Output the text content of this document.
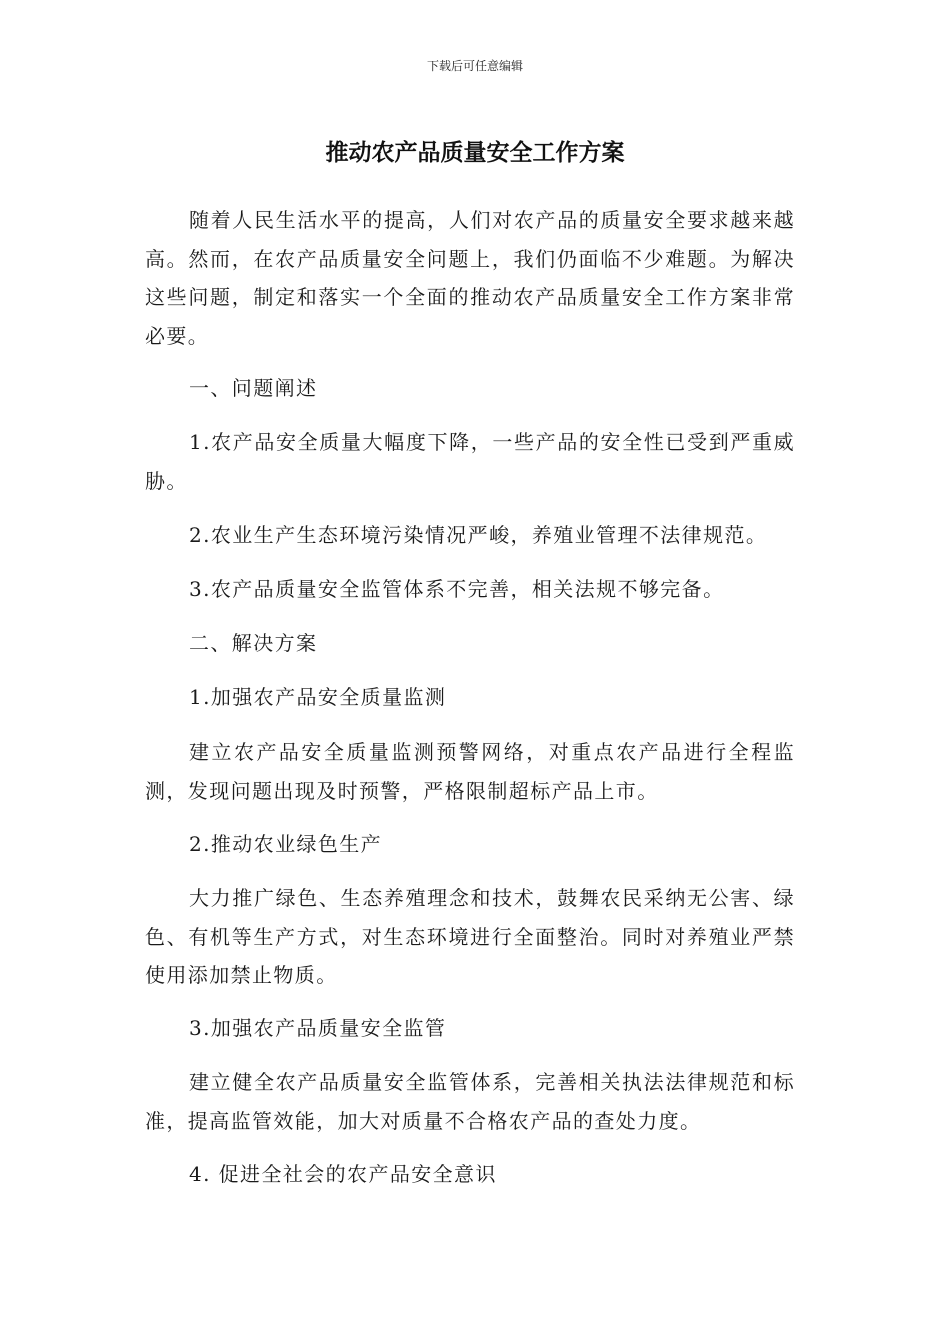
下载后可任意编辑
推动农产品质量安全工作方案

随着人民生活水平的提高，人们对农产品的质量安全要求越来越高。然而，在农产品质量安全问题上，我们仍面临不少难题。为解决这些问题，制定和落实一个全面的推动农产品质量安全工作方案非常必要。

一、问题阐述

1.农产品安全质量大幅度下降，一些产品的安全性已受到严重威胁。

2.农业生产生态环境污染情况严峻，养殖业管理不法律规范。

3.农产品质量安全监管体系不完善，相关法规不够完备。

二、解决方案

1.加强农产品安全质量监测

建立农产品安全质量监测预警网络，对重点农产品进行全程监测，发现问题出现及时预警，严格限制超标产品上市。

2.推动农业绿色生产

大力推广绿色、生态养殖理念和技术，鼓舞农民采纳无公害、绿色、有机等生产方式，对生态环境进行全面整治。同时对养殖业严禁使用添加禁止物质。

3.加强农产品质量安全监管

建立健全农产品质量安全监管体系，完善相关执法法律规范和标准，提高监管效能，加大对质量不合格农产品的查处力度。

4. 促进全社会的农产品安全意识
